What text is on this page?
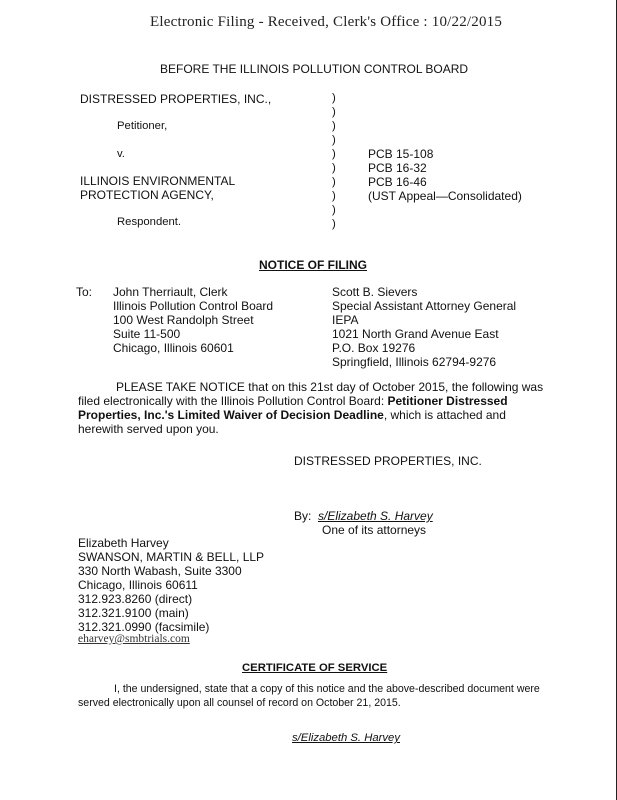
Electronic Filing - Received, Clerk's Office : 10/22/2015
BEFORE THE ILLINOIS POLLUTION CONTROL BOARD
DISTRESSED PROPERTIES, INC.,
Petitioner,
v.
ILLINOIS ENVIRONMENTAL
PROTECTION AGENCY,
Respondent.
)
)
)
)
)
)
)
)
)
)

PCB 15-108

PCB 16-32

PCB 16-46

(UST Appeal—Consolidated)

NOTICE OF FILING
To: John Therriault, Clerk

Illinois Pollution Control Board

100 West Randolph Street

Suite 11-500

Chicago, Illinois 60601

Scott B. Sievers

Special Assistant Attorney General

IEPA

1021 North Grand Avenue East

P.O. Box 19276

Springfield, Illinois 62794-9276

PLEASE TAKE NOTICE that on this 21st day of October 2015, the following was filed electronically with the Illinois Pollution Control Board: Petitioner Distressed Properties, Inc.'s Limited Waiver of Decision Deadline, which is attached and herewith served upon you.
DISTRESSED PROPERTIES, INC.
By: s/Elizabeth S. Harvey
One of its attorneys

Elizabeth Harvey

SWANSON, MARTIN & BELL, LLP

330 North Wabash, Suite 3300

Chicago, Illinois 60611

312.923.8260 (direct)

312.321.9100 (main)

312.321.0990 (facsimile)

eharvey@smbtrials.com
CERTIFICATE OF SERVICE
I, the undersigned, state that a copy of this notice and the above-described document were served electronically upon all counsel of record on October 21, 2015.
s/Elizabeth S. Harvey
